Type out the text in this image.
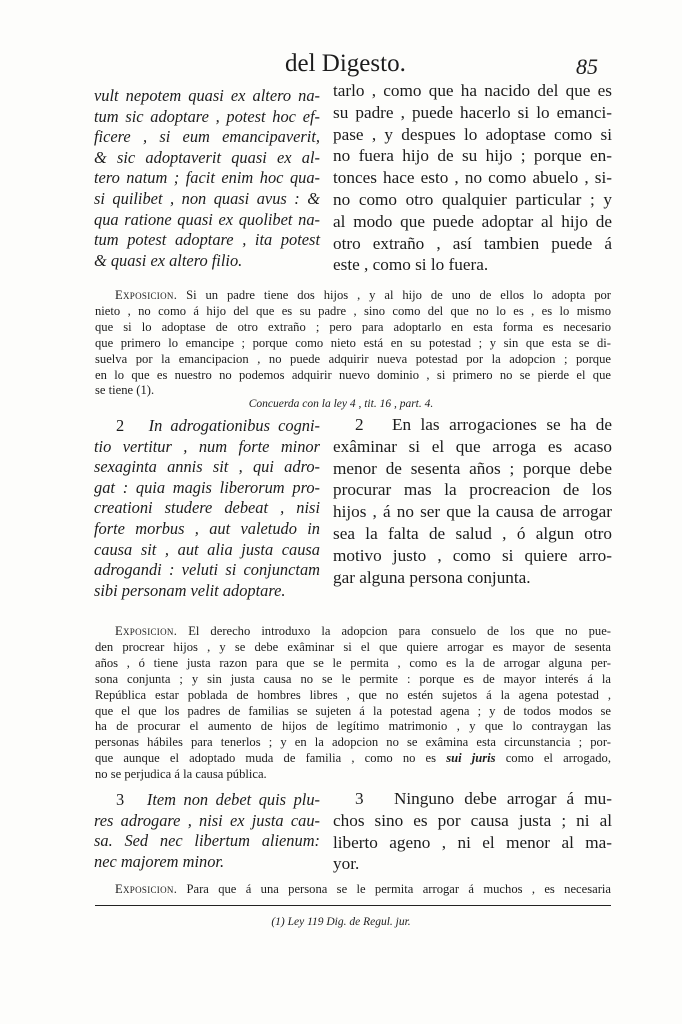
del Digesto.	85
vult nepotem quasi ex altero na-
tum sic adoptare , potest hoc ef-
ficere , si eum emancipaverit,
& sic adoptaverit quasi ex al-
tero natum ; facit enim hoc qua-
si quilibet , non quasi avus : &
qua ratione quasi ex quolibet na-
tum potest adoptare , ita potest
& quasi ex altero filio.
tarlo , como que ha nacido del que es
su padre , puede hacerlo si lo emanci-
pase , y despues lo adoptase como si
no fuera hijo de su hijo ; porque en-
tonces hace esto , no como abuelo , si-
no como otro qualquier particular ; y
al modo que puede adoptar al hijo de
otro extraño , así tambien puede á
este , como si lo fuera.
Exposicion. Si un padre tiene dos hijos , y al hijo de uno de ellos lo adopta por
nieto , no como á hijo del que es su padre , sino como del que no lo es , es lo mismo
que si lo adoptase de otro extraño ; pero para adoptarlo en esta forma es necesario
que primero lo emancipe ; porque como nieto está en su potestad ; y sin que esta se di-
suelva por la emancipacion , no puede adquirir nueva potestad por la adopcion ; porque
en lo que es nuestro no podemos adquirir nuevo dominio , si primero no se pierde el que
se tiene (1).
Concuerda con la ley 4 , tit. 16 , part. 4.
2 In adrogationibus cogni-
tio vertitur , num forte minor
sexaginta annis sit , qui adro-
gat : quia magis liberorum pro-
creationi studere debeat , nisi
forte morbus , aut valetudo in
causa sit , aut alia justa causa
adrogandi : veluti si conjunctam
sibi personam velit adoptare.
2 En las arrogaciones se ha de
exâminar si el que arroga es acaso
menor de sesenta años ; porque debe
procurar mas la procreacion de los
hijos , á no ser que la causa de arrogar
sea la falta de salud , ó algun otro
motivo justo , como si quiere arro-
gar alguna persona conjunta.
Exposicion. El derecho introduxo la adopcion para consuelo de los que no pue-
den procrear hijos , y se debe exâminar si el que quiere arrogar es mayor de sesenta
años , ó tiene justa razon para que se le permita , como es la de arrogar alguna per-
sona conjunta ; y sin justa causa no se le permite : porque es de mayor interés á la
República estar poblada de hombres libres , que no estén sujetos á la agena potestad ,
que el que los padres de familias se sujeten á la potestad agena ; y de todos modos se
ha de procurar el aumento de hijos de legítimo matrimonio , y que lo contraygan las
personas hábiles para tenerlos ; y en la adopcion no se exâmina esta circunstancia ; por-
que aunque el adoptado muda de familia , como no es sui juris como el arrogado,
no se perjudica á la causa pública.
3 Item non debet quis plu-
res adrogare , nisi ex justa cau-
sa. Sed nec libertum alienum:
nec majorem minor.
3 Ninguno debe arrogar á mu-
chos sino es por causa justa ; ni al
liberto ageno , ni el menor al ma-
yor.
Exposicion. Para que á una persona se le permita arrogar á muchos , es necesaria
(1) Ley 119 Dig. de Regul. jur.
